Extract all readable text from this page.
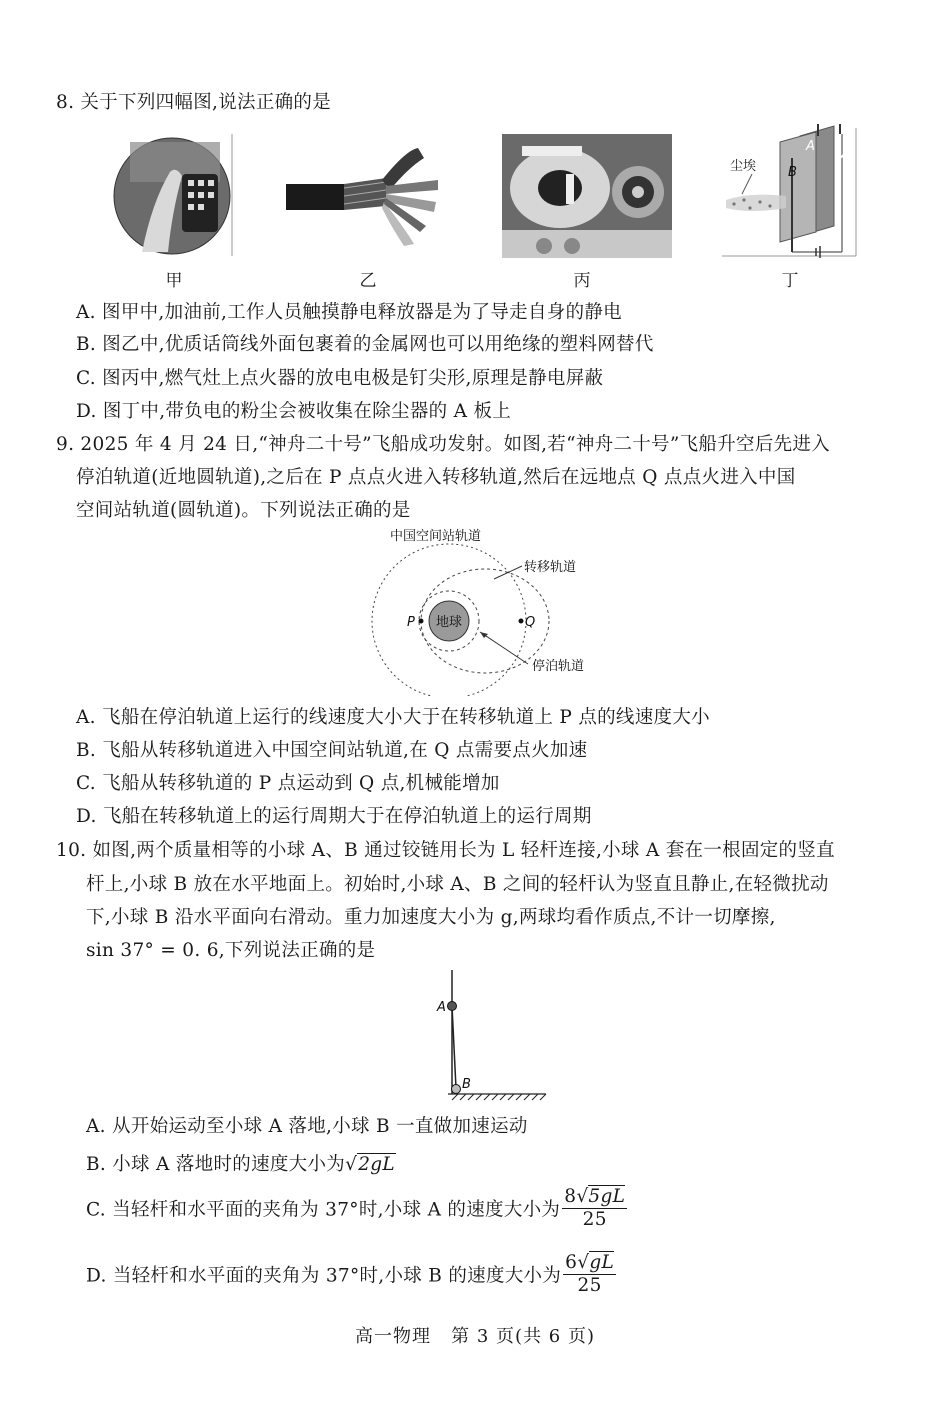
8. 关于下列四幅图,说法正确的是
甲	乙	丙
尘埃
A
A
B
丁
A. 图甲中,加油前,工作人员触摸静电释放器是为了导走自身的静电
B. 图乙中,优质话筒线外面包裹着的金属网也可以用绝缘的塑料网替代
C. 图丙中,燃气灶上点火器的放电电极是钉尖形,原理是静电屏蔽
D. 图丁中,带负电的粉尘会被收集在除尘器的 A 板上
9. 2025 年 4 月 24 日,“神舟二十号”飞船成功发射。如图,若“神舟二十号”飞船升空后先进入
停泊轨道(近地圆轨道),之后在 P 点点火进入转移轨道,然后在远地点 Q 点点火进入中国
空间站轨道(圆轨道)。下列说法正确的是
地球
P	Q
中国空间站轨道
转移轨道
停泊轨道
A. 飞船在停泊轨道上运行的线速度大小大于在转移轨道上 P 点的线速度大小
B. 飞船从转移轨道进入中国空间站轨道,在 Q 点需要点火加速
C. 飞船从转移轨道的 P 点运动到 Q 点,机械能增加
D. 飞船在转移轨道上的运行周期大于在停泊轨道上的运行周期
10. 如图,两个质量相等的小球 A、B 通过铰链用长为 L 轻杆连接,小球 A 套在一根固定的竖直
杆上,小球 B 放在水平地面上。初始时,小球 A、B 之间的轻杆认为竖直且静止,在轻微扰动
下,小球 B 沿水平面向右滑动。重力加速度大小为 g,两球均看作质点,不计一切摩擦,
sin 37° = 0. 6,下列说法正确的是
A
B
A. 从开始运动至小球 A 落地,小球 B 一直做加速运动
B. 小球 A 落地时的速度大小为√2gL
C. 当轻杆和水平面的夹角为 37°时,小球 A 的速度大小为 $\frac{8√5gL}{25}$
D. 当轻杆和水平面的夹角为 37°时,小球 B 的速度大小为 $\frac{6√gL}{25}$
高一物理   第 3 页(共 6 页)
